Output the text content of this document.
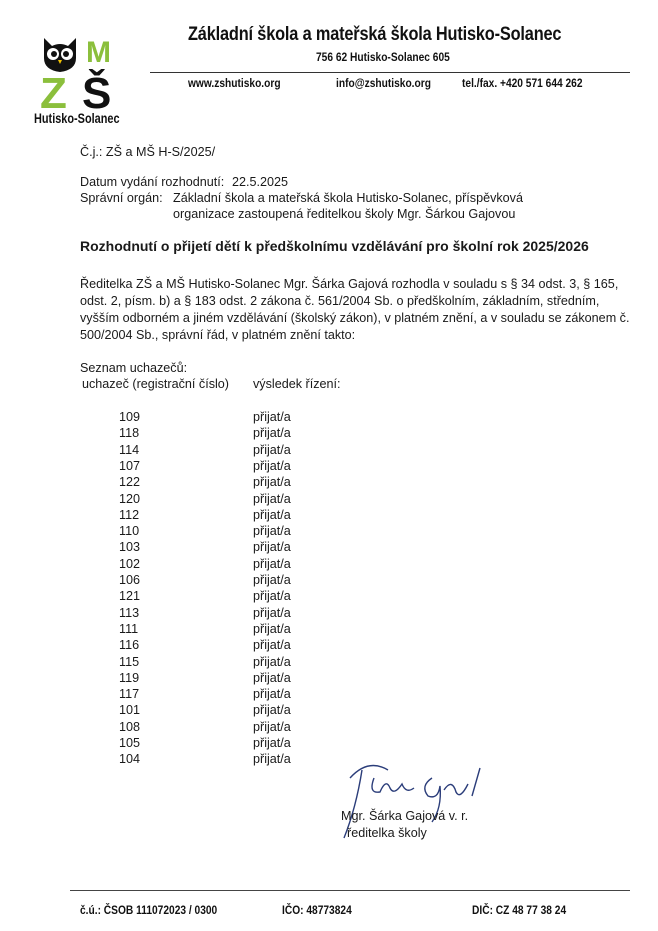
M
Z Š
Hutisko-Solanec
Základní škola a mateřská škola Hutisko-Solanec
756 62 Hutisko-Solanec 605
www.zshutisko.org	info@zshutisko.org	tel./fax. +420 571 644 262
Č.j.: ZŠ a MŠ H-S/2025/
Datum vydání rozhodnutí: 22.5.2025
Správní orgán: Základní škola a mateřská škola Hutisko-Solanec, příspěvková
organizace zastoupená ředitelkou školy Mgr. Šárkou Gajovou
Rozhodnutí o přijetí dětí k předškolnímu vzdělávání pro školní rok 2025/2026
Ředitelka ZŠ a MŠ Hutisko-Solanec Mgr. Šárka Gajová rozhodla v souladu s § 34 odst. 3, § 165,
odst. 2, písm. b) a § 183 odst. 2 zákona č. 561/2004 Sb. o předškolním, základním, středním,
vyšším odborném a jiném vzdělávání (školský zákon), v platném znění, a v souladu se zákonem č.
500/2004 Sb., správní řád, v platném znění takto:
Seznam uchazečů:
uchazeč (registrační číslo) výsledek řízení:
109	přijat/a
118	přijat/a
114	přijat/a
107	přijat/a
122	přijat/a
120	přijat/a
112	přijat/a
110	přijat/a
103	přijat/a
102	přijat/a
106	přijat/a
121	přijat/a
113	přijat/a
111	přijat/a
116	přijat/a
115	přijat/a
119	přijat/a
117	přijat/a
101	přijat/a
108	přijat/a
105	přijat/a
104	přijat/a
Mgr. Šárka Gajová v. r.
ředitelka školy
č.ú.: ČSOB 111072023 / 0300	IČO: 48773824	DIČ: CZ 48 77 38 24
